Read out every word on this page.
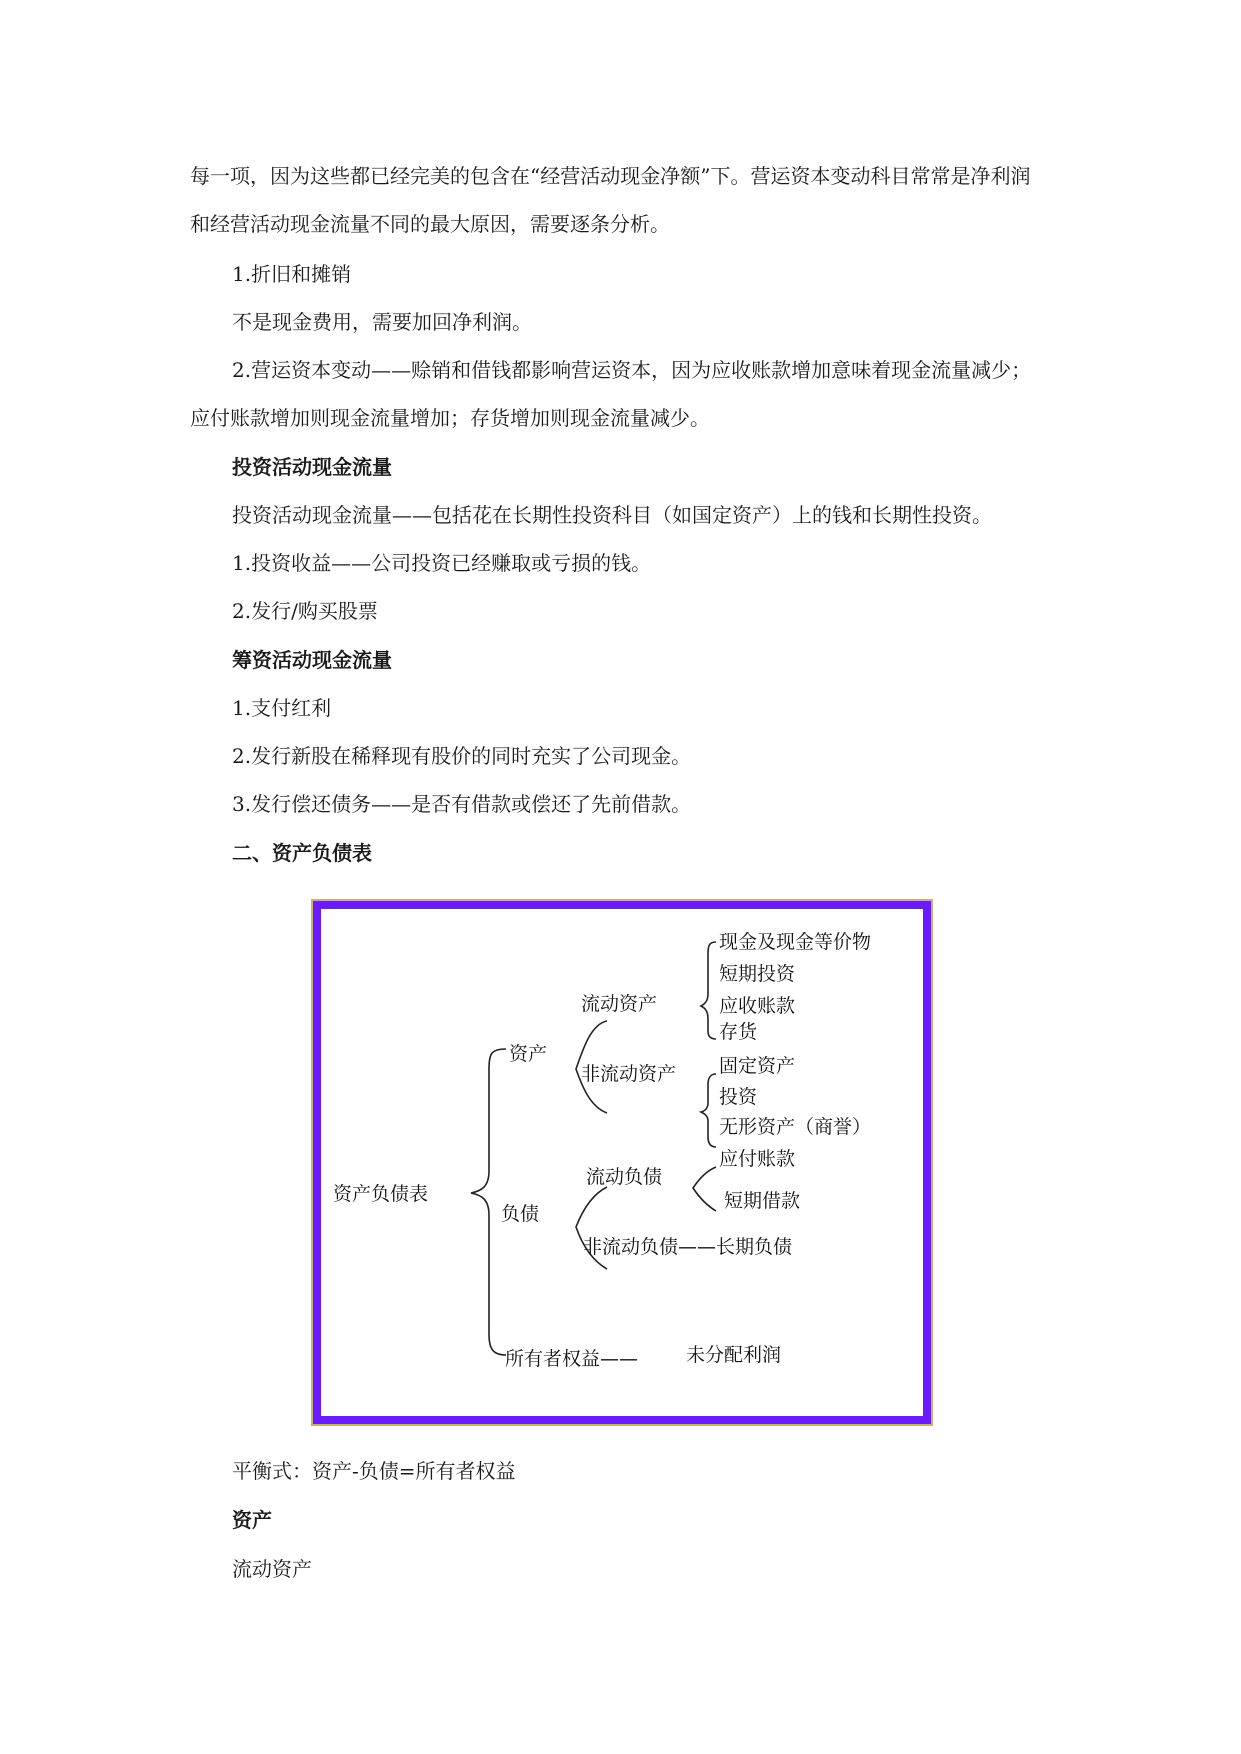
每一项，因为这些都已经完美的包含在“经营活动现金净额”下。营运资本变动科目常常是净利润和经营活动现金流量不同的最大原因，需要逐条分析。

1.折旧和摊销

不是现金费用，需要加回净利润。

2.营运资本变动——赊销和借钱都影响营运资本，因为应收账款增加意味着现金流量减少；应付账款增加则现金流量增加；存货增加则现金流量减少。

投资活动现金流量

投资活动现金流量——包括花在长期性投资科目（如国定资产）上的钱和长期性投资。

1.投资收益——公司投资已经赚取或亏损的钱。

2.发行/购买股票

筹资活动现金流量

1.支付红利

2.发行新股在稀释现有股价的同时充实了公司现金。

3.发行偿还债务——是否有借款或偿还了先前借款。

二、资产负债表

资产负债表
资产
流动资产
现金及现金等价物
短期投资
应收账款
存货
非流动资产 固定资产
投资
无形资产（商誉）
负债
流动负债
应付账款
短期借款
非流动负债——长期负债
所有者权益——	未分配利润

平衡式：资产-负债=所有者权益

资产

流动资产
